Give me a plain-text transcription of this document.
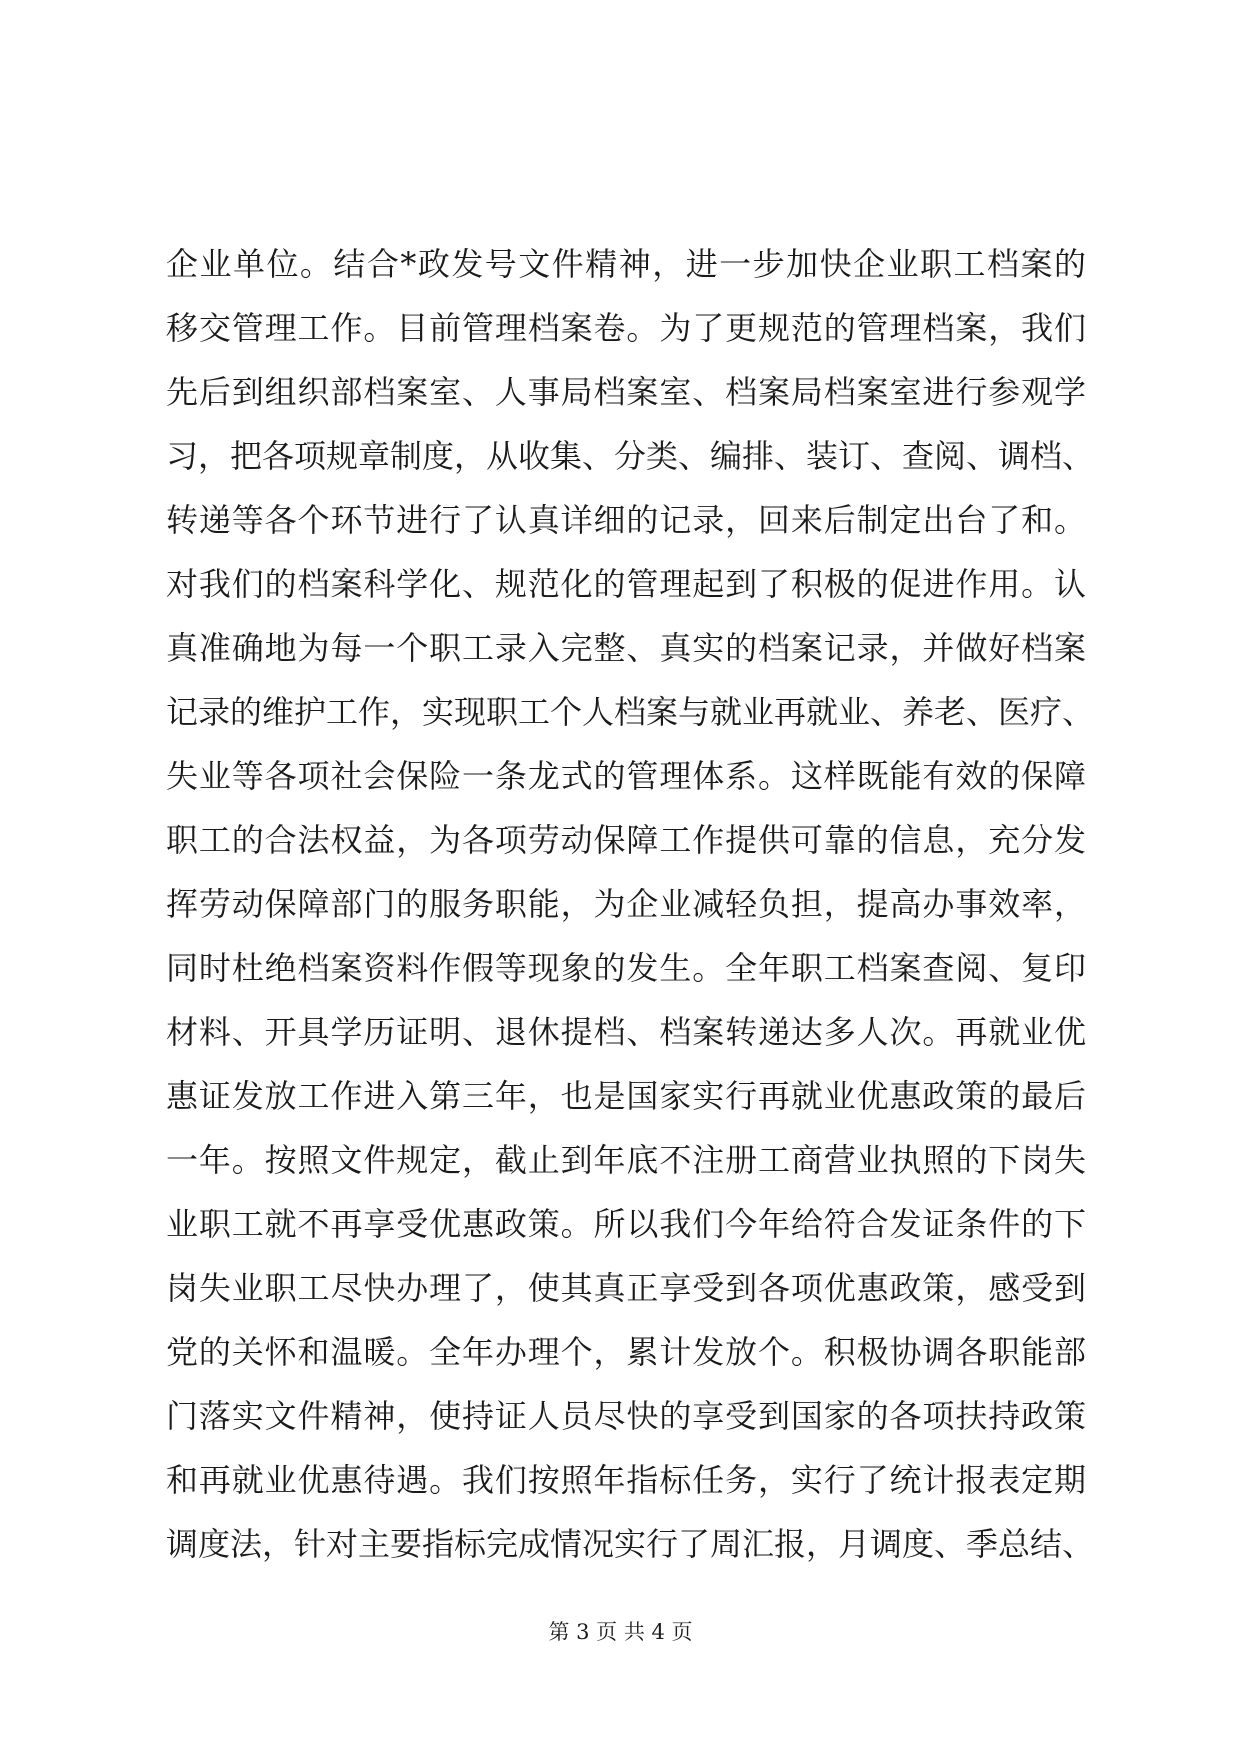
企业单位。结合*政发号文件精神，进一步加快企业职工档案的
移交管理工作。目前管理档案卷。为了更规范的管理档案，我们
先后到组织部档案室、人事局档案室、档案局档案室进行参观学
习，把各项规章制度，从收集、分类、编排、装订、查阅、调档、
转递等各个环节进行了认真详细的记录，回来后制定出台了和。
对我们的档案科学化、规范化的管理起到了积极的促进作用。认
真准确地为每一个职工录入完整、真实的档案记录，并做好档案
记录的维护工作，实现职工个人档案与就业再就业、养老、医疗、
失业等各项社会保险一条龙式的管理体系。这样既能有效的保障
职工的合法权益，为各项劳动保障工作提供可靠的信息，充分发
挥劳动保障部门的服务职能，为企业减轻负担，提高办事效率，
同时杜绝档案资料作假等现象的发生。全年职工档案查阅、复印
材料、开具学历证明、退休提档、档案转递达多人次。再就业优
惠证发放工作进入第三年，也是国家实行再就业优惠政策的最后
一年。按照文件规定，截止到年底不注册工商营业执照的下岗失
业职工就不再享受优惠政策。所以我们今年给符合发证条件的下
岗失业职工尽快办理了，使其真正享受到各项优惠政策，感受到
党的关怀和温暖。全年办理个，累计发放个。积极协调各职能部
门落实文件精神，使持证人员尽快的享受到国家的各项扶持政策
和再就业优惠待遇。我们按照年指标任务，实行了统计报表定期
调度法，针对主要指标完成情况实行了周汇报，月调度、季总结、
第 3 页 共 4 页
